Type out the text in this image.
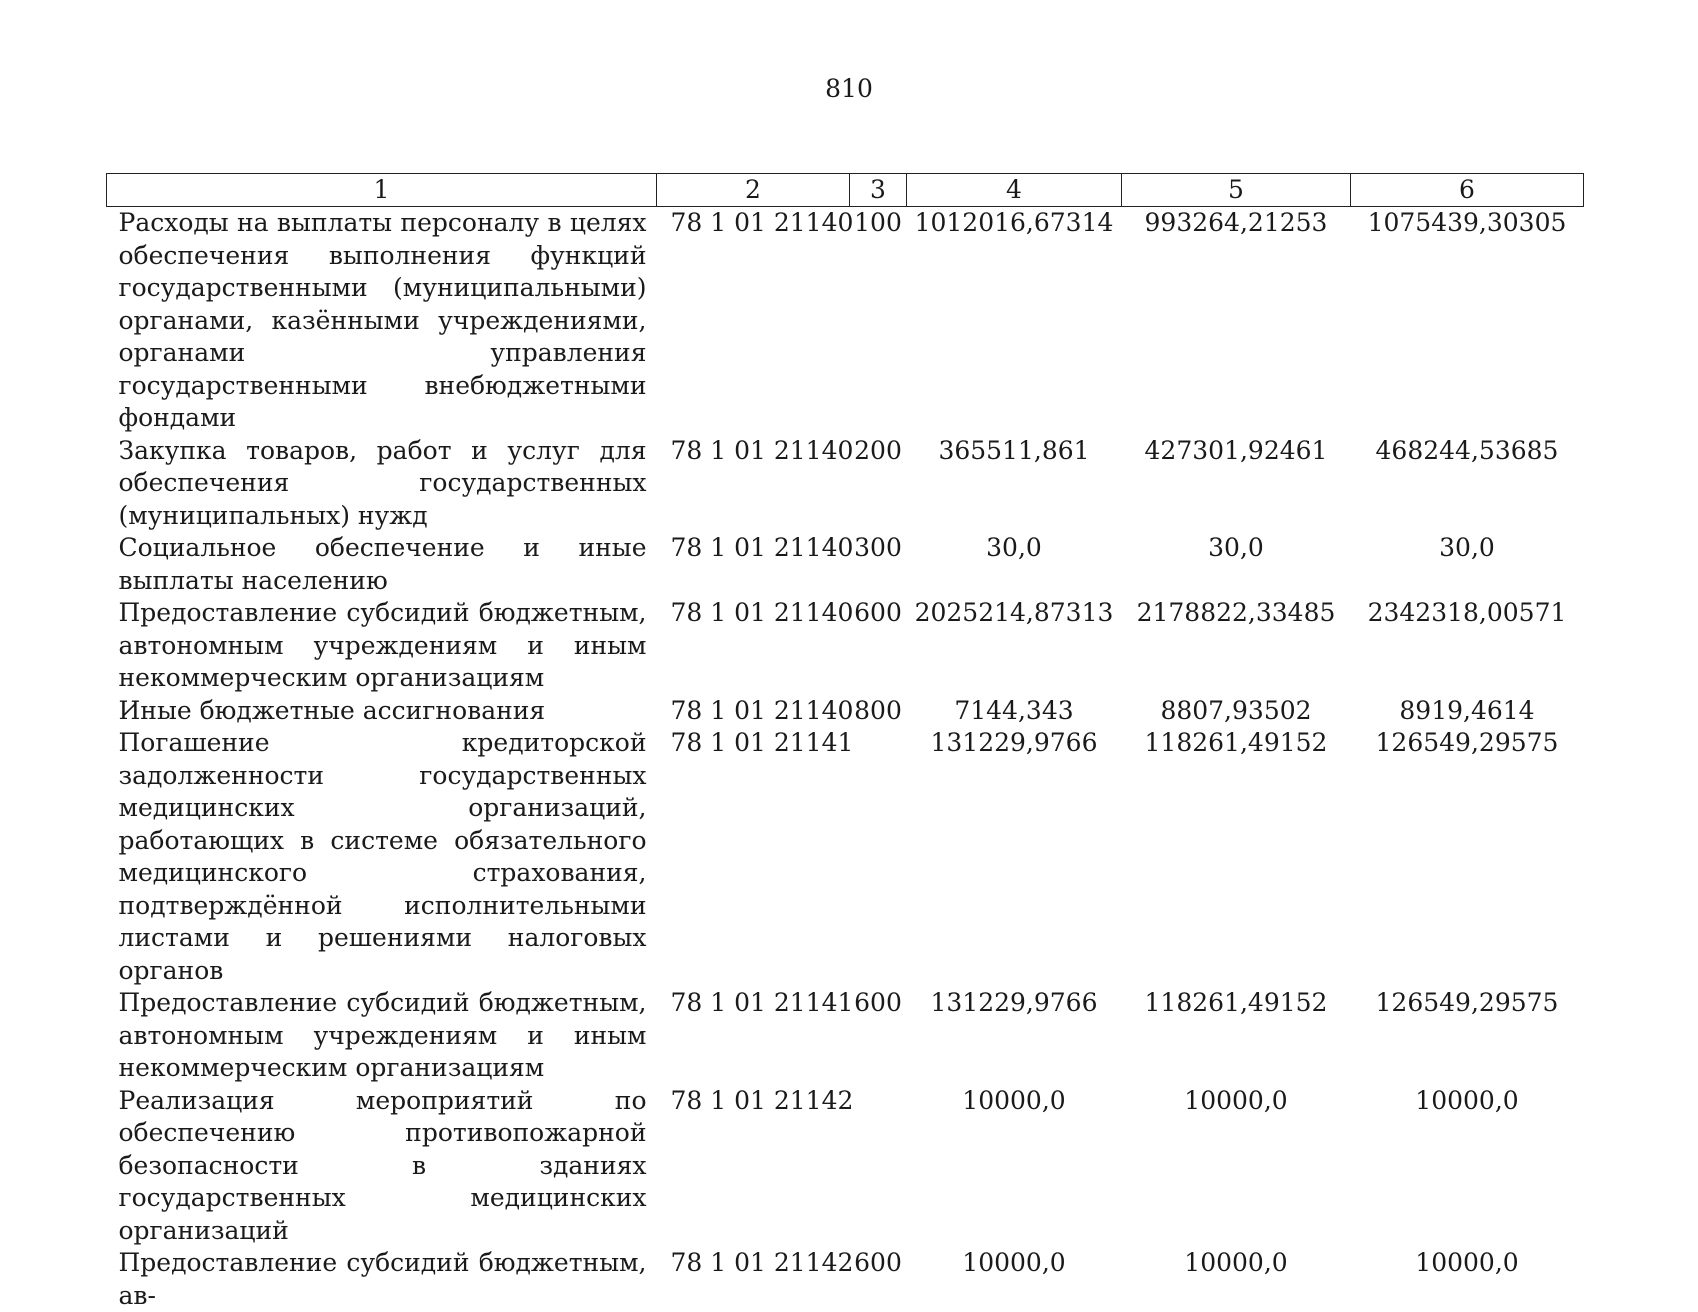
810
1	2	3	4	5	6
Расходы на выплаты персоналу в целях обеспечения выполнения функций государственными (муниципальными) органами, казёнными учреждениями, органами управления государственными внебюджетными фондами	78 1 01 21140	100	1012016,67314	993264,21253	1075439,30305
Закупка товаров, работ и услуг для обеспечения государственных (муниципальных) нужд	78 1 01 21140	200	365511,861	427301,92461	468244,53685
Социальное обеспечение и иные выплаты населению	78 1 01 21140	300	30,0	30,0	30,0
Предоставление субсидий бюджетным, автономным учреждениям и иным некоммерческим организациям	78 1 01 21140	600	2025214,87313	2178822,33485	2342318,00571
Иные бюджетные ассигнования	78 1 01 21140	800	7144,343	8807,93502	8919,4614
Погашение кредиторской задолженности государственных медицинских организаций, работающих в системе обязательного медицинского страхования, подтверждённой исполнительными листами и решениями налоговых органов	78 1 01 21141		131229,9766	118261,49152	126549,29575
Предоставление субсидий бюджетным, автономным учреждениям и иным некоммерческим организациям	78 1 01 21141	600	131229,9766	118261,49152	126549,29575
Реализация мероприятий по обеспечению противопожарной безопасности в зданиях государственных медицинских организаций	78 1 01 21142		10000,0	10000,0	10000,0
Предоставление субсидий бюджетным, ав-	78 1 01 21142	600	10000,0	10000,0	10000,0
